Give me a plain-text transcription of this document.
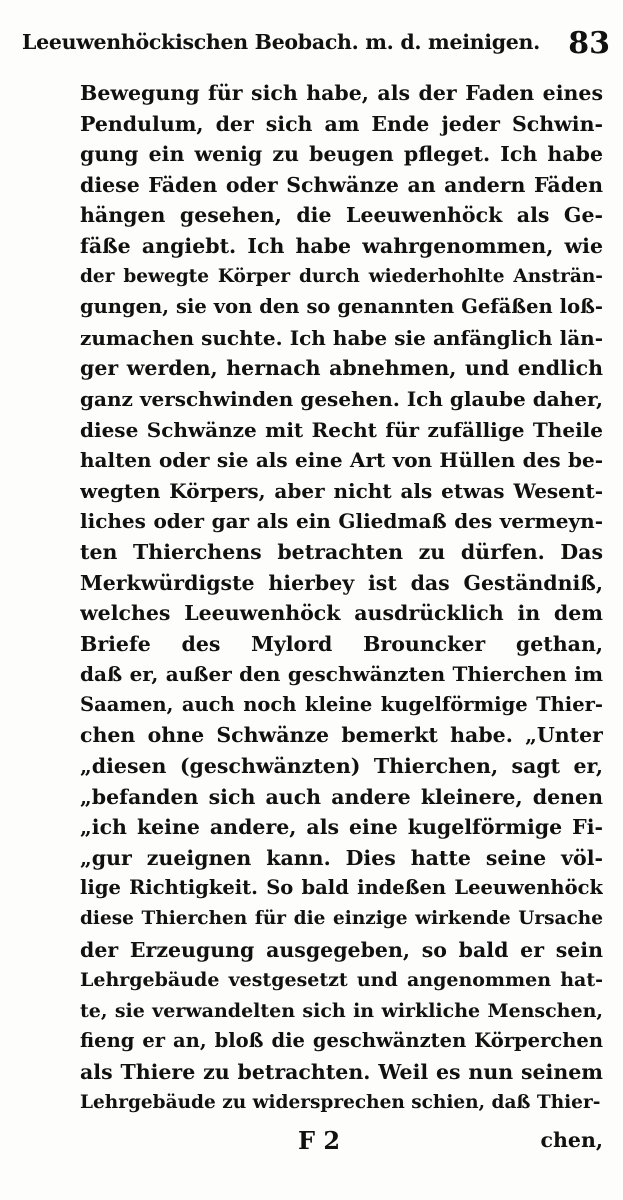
Leeuwenhöckischen Beobach. m. d. meinigen. 83
Bewegung für sich habe, als der Faden eines
Pendulum, der sich am Ende jeder Schwin-
gung ein wenig zu beugen pfleget. Ich habe
diese Fäden oder Schwänze an andern Fäden
hängen gesehen, die Leeuwenhöck als Ge-
fäße angiebt. Ich habe wahrgenommen, wie
der bewegte Körper durch wiederhohlte Ansträn-
gungen, sie von den so genannten Gefäßen loß-
zumachen suchte. Ich habe sie anfänglich län-
ger werden, hernach abnehmen, und endlich
ganz verschwinden gesehen. Ich glaube daher,
diese Schwänze mit Recht für zufällige Theile
halten oder sie als eine Art von Hüllen des be-
wegten Körpers, aber nicht als etwas Wesent-
liches oder gar als ein Gliedmaß des vermeyn-
ten Thierchens betrachten zu dürfen. Das
Merkwürdigste hierbey ist das Geständniß,
welches Leeuwenhöck ausdrücklich in dem
Briefe des Mylord Brouncker gethan,
daß er, außer den geschwänzten Thierchen im
Saamen, auch noch kleine kugelförmige Thier-
chen ohne Schwänze bemerkt habe. „Unter
„diesen (geschwänzten) Thierchen, sagt er,
„befanden sich auch andere kleinere, denen
„ich keine andere, als eine kugelförmige Fi-
„gur zueignen kann. Dies hatte seine völ-
lige Richtigkeit. So bald indeßen Leeuwenhöck
diese Thierchen für die einzige wirkende Ursache
der Erzeugung ausgegeben, so bald er sein
Lehrgebäude vestgesetzt und angenommen hat-
te, sie verwandelten sich in wirkliche Menschen,
fieng er an, bloß die geschwänzten Körperchen
als Thiere zu betrachten. Weil es nun seinem
Lehrgebäude zu widersprechen schien, daß Thier-
F 2	chen,
